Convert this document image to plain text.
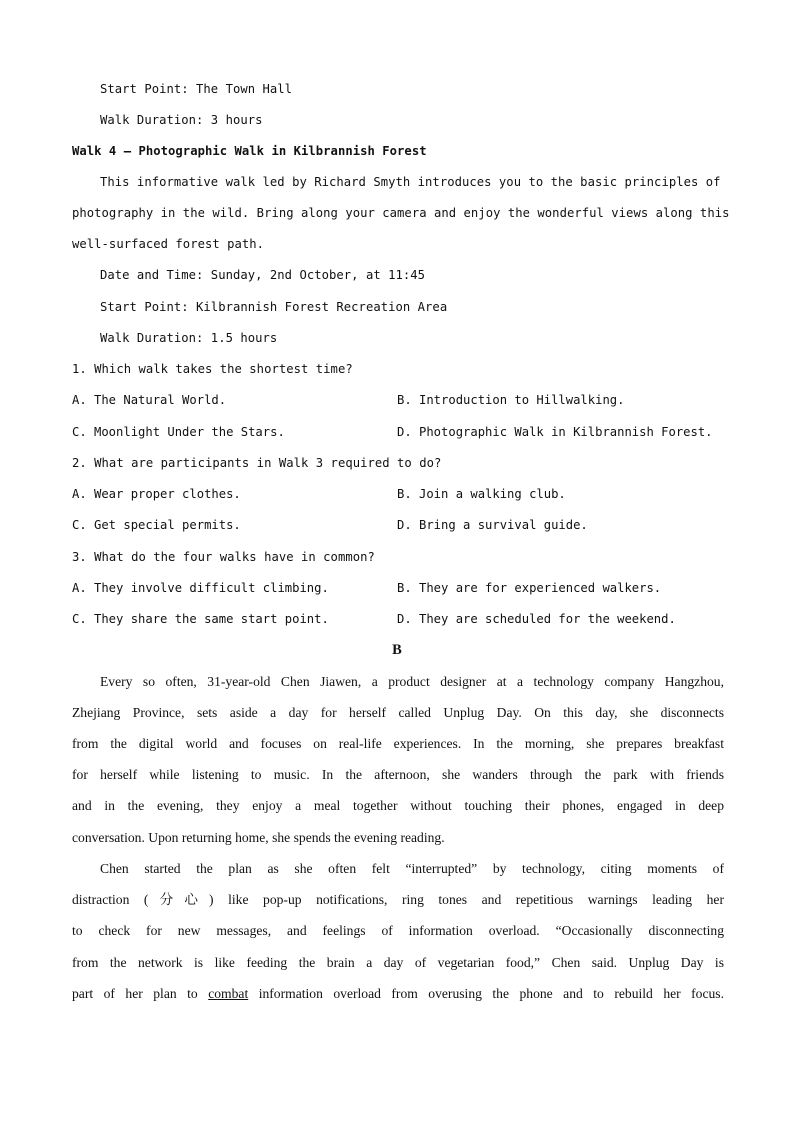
Start Point: The Town Hall
Walk Duration: 3 hours
Walk 4 — Photographic Walk in Kilbrannish Forest
This informative walk led by Richard Smyth introduces you to the basic principles of
photography in the wild. Bring along your camera and enjoy the wonderful views along this
well-surfaced forest path.
Date and Time: Sunday, 2nd October, at 11:45
Start Point: Kilbrannish Forest Recreation Area
Walk Duration: 1.5 hours
1. Which walk takes the shortest time?
A. The Natural World.	B. Introduction to Hillwalking.
C. Moonlight Under the Stars.	D. Photographic Walk in Kilbrannish Forest.
2. What are participants in Walk 3 required to do?
A. Wear proper clothes.	B. Join a walking club.
C. Get special permits.	D. Bring a survival guide.
3. What do the four walks have in common?
A. They involve difficult climbing.	B. They are for experienced walkers.
C. They share the same start point.	D. They are scheduled for the weekend.
B
Every so often, 31-year-old Chen Jiawen, a product designer at a technology company Hangzhou,
Zhejiang Province, sets aside a day for herself called Unplug Day. On this day, she disconnects
from the digital world and focuses on real-life experiences. In the morning, she prepares breakfast
for herself while listening to music. In the afternoon, she wanders through the park with friends
and in the evening, they enjoy a meal together without touching their phones, engaged in deep
conversation. Upon returning home, she spends the evening reading.
Chen started the plan as she often felt “interrupted” by technology, citing moments of
distraction (分心) like pop-up notifications, ring tones and repetitious warnings leading her
to check for new messages, and feelings of information overload. “Occasionally disconnecting
from the network is like feeding the brain a day of vegetarian food,” Chen said. Unplug Day is
part of her plan to combat information overload from overusing the phone and to rebuild her focus.
